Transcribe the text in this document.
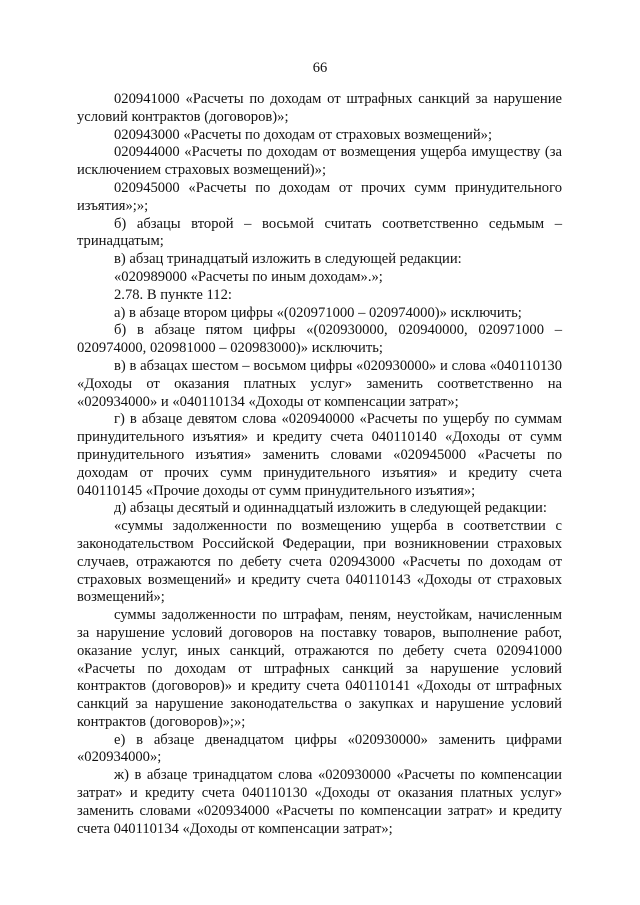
66

020941000 «Расчеты по доходам от штрафных санкций за нарушение условий контрактов (договоров)»;

020943000 «Расчеты по доходам от страховых возмещений»;

020944000 «Расчеты по доходам от возмещения ущерба имуществу (за исключением страховых возмещений)»;

020945000 «Расчеты по доходам от прочих сумм принудительного изъятия»;»;

б) абзацы второй – восьмой считать соответственно седьмым – тринадцатым;

в) абзац тринадцатый изложить в следующей редакции:

«020989000 «Расчеты по иным доходам».»;

2.78. В пункте 112:

а) в абзаце втором цифры «(020971000 – 020974000)» исключить;

б) в абзаце пятом цифры «(020930000, 020940000, 020971000 – 020974000, 020981000 – 020983000)» исключить;

в) в абзацах шестом – восьмом цифры «020930000» и слова «040110130 «Доходы от оказания платных услуг» заменить соответственно на «020934000» и «040110134 «Доходы от компенсации затрат»;

г) в абзаце девятом слова «020940000 «Расчеты по ущербу по суммам принудительного изъятия» и кредиту счета 040110140 «Доходы от сумм принудительного изъятия» заменить словами «020945000 «Расчеты по доходам от прочих сумм принудительного изъятия» и кредиту счета 040110145 «Прочие доходы от сумм принудительного изъятия»;

д) абзацы десятый и одиннадцатый изложить в следующей редакции:

«суммы задолженности по возмещению ущерба в соответствии с законодательством Российской Федерации, при возникновении страховых случаев, отражаются по дебету счета 020943000 «Расчеты по доходам от страховых возмещений» и кредиту счета 040110143 «Доходы от страховых возмещений»;

суммы задолженности по штрафам, пеням, неустойкам, начисленным за нарушение условий договоров на поставку товаров, выполнение работ, оказание услуг, иных санкций, отражаются по дебету счета 020941000 «Расчеты по доходам от штрафных санкций за нарушение условий контрактов (договоров)» и кредиту счета 040110141 «Доходы от штрафных санкций за нарушение законодательства о закупках и нарушение условий контрактов (договоров)»;»;

е) в абзаце двенадцатом цифры «020930000» заменить цифрами «020934000»;

ж) в абзаце тринадцатом слова «020930000 «Расчеты по компенсации затрат» и кредиту счета 040110130 «Доходы от оказания платных услуг» заменить словами «020934000 «Расчеты по компенсации затрат» и кредиту счета 040110134 «Доходы от компенсации затрат»;
